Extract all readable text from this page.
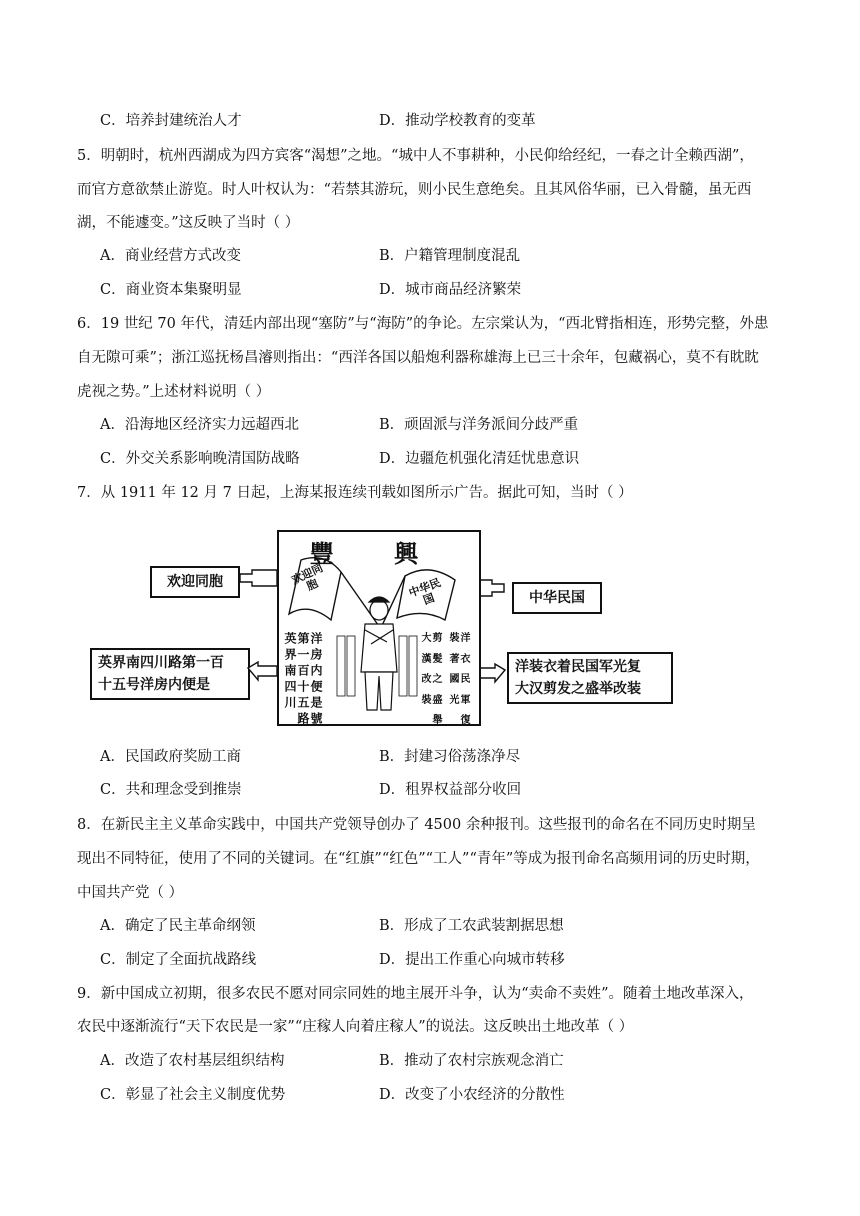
C．培养封建统治人才	D．推动学校教育的变革
5．明朝时，杭州西湖成为四方宾客“渴想”之地。“城中人不事耕种，小民仰给经纪，一春之计全赖西湖”，
而官方意欲禁止游览。时人叶权认为：“若禁其游玩，则小民生意绝矣。且其风俗华丽，已入骨髓，虽无西
湖，不能遽变。”这反映了当时（ ）
A．商业经营方式改变	B．户籍管理制度混乱
C．商业资本集聚明显	D．城市商品经济繁荣
6．19 世纪 70 年代，清廷内部出现“塞防”与“海防”的争论。左宗棠认为，“西北臂指相连，形势完整，外患
自无隙可乘”；浙江巡抚杨昌濬则指出：“西洋各国以船炮利器称雄海上已三十余年，包藏祸心，莫不有眈眈
虎视之势。”上述材料说明（ ）
A．沿海地区经济实力远超西北	B．顽固派与洋务派间分歧严重
C．外交关系影响晚清国防战略	D．边疆危机强化清廷忧患意识
7．从 1911 年 12 月 7 日起，上海某报连续刊载如图所示广告。据此可知，当时（ ）
欢迎同胞
中华民国
英界南四川路第一百
十五号洋房内便是
洋装衣着民国军光复
大汉剪发之盛举改装
豐 興
欢迎同胞	中华民国
洋第英
房一界
内百南
便十四
是五川
號路
剪大
髪漢
之改
盛裝
舉
洋裝
衣著
民國
軍光
復
A．民国政府奖励工商	B．封建习俗荡涤净尽
C．共和理念受到推崇	D．租界权益部分收回
8．在新民主主义革命实践中，中国共产党领导创办了 4500 余种报刊。这些报刊的命名在不同历史时期呈
现出不同特征，使用了不同的关键词。在“红旗”“红色”“工人”“青年”等成为报刊命名高频用词的历史时期，
中国共产党（ ）
A．确定了民主革命纲领	B．形成了工农武装割据思想
C．制定了全面抗战路线	D．提出工作重心向城市转移
9．新中国成立初期，很多农民不愿对同宗同姓的地主展开斗争，认为“卖命不卖姓”。随着土地改革深入，
农民中逐渐流行“天下农民是一家”“庄稼人向着庄稼人”的说法。这反映出土地改革（ ）
A．改造了农村基层组织结构	B．推动了农村宗族观念消亡
C．彰显了社会主义制度优势	D．改变了小农经济的分散性
